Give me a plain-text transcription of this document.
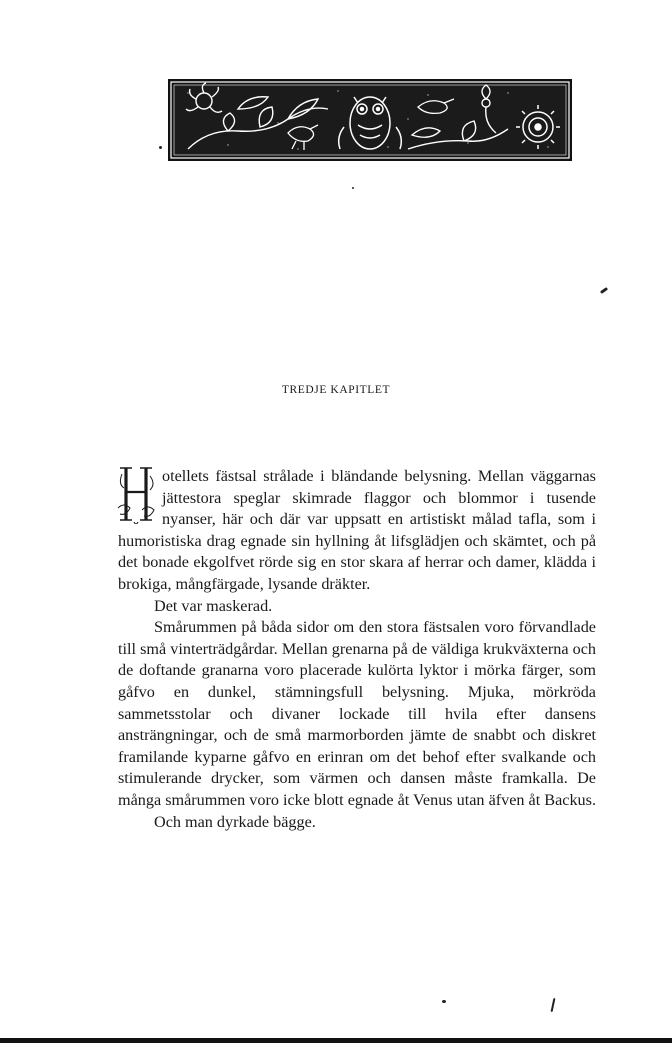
TREDJE KAPITLET

otellets fästsal strålade i bländande belysning. Mellan väggarnas jättestora speglar skimrade flaggor och blommor i tusende nyanser, här och där var uppsatt en artistiskt målad tafla, som i humoristiska drag egnade sin hyllning åt lifsglädjen och skämtet, och på det bonade ekgolfvet rörde sig en stor skara af herrar och damer, klädda i brokiga, mångfärgade, lysande dräkter.

Det var maskerad.

Smårummen på båda sidor om den stora fästsalen voro förvandlade till små vinterträdgårdar. Mellan grenarna på de väldiga krukväxterna och de doftande granarna voro placerade kulörta lyktor i mörka färger, som gåfvo en dunkel, stämningsfull belysning. Mjuka, mörkröda sammetsstolar och divaner lockade till hvila efter dansens ansträngningar, och de små marmorborden jämte de snabbt och diskret framilande kyparne gåfvo en erinran om det behof efter svalkande och stimulerande drycker, som värmen och dansen måste framkalla. De många smårummen voro icke blott egnade åt Venus utan äfven åt Backus.

Och man dyrkade bägge.
